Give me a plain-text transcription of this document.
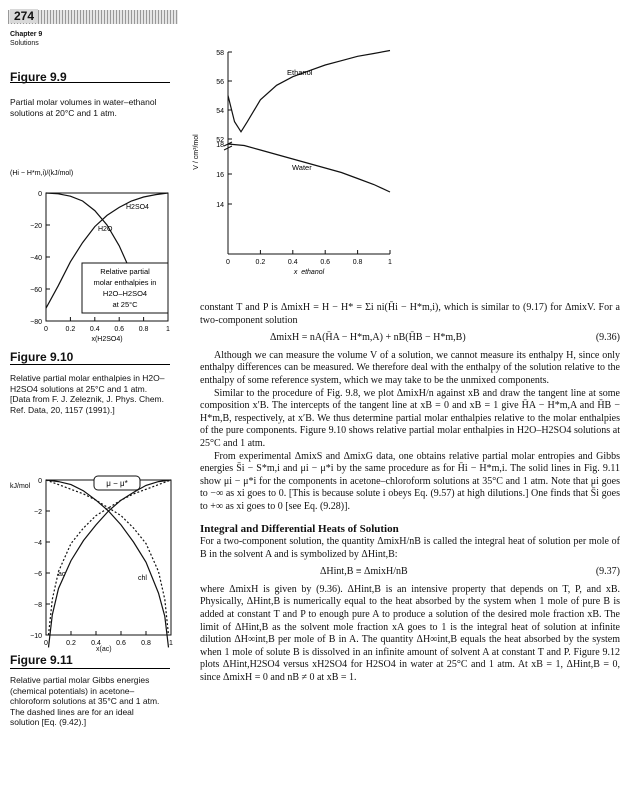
274
Chapter 9
Solutions
Figure 9.9
Partial molar volumes in water–ethanol solutions at 20°C and 1 atm.
58
56
54
52
18
16
14
0	0.2	0.4	0.6	0.8	1
x_ethanol
V / cm³/mol
Ethanol
Water
0
−20
−40
−60
−80
0	0.2 0.4 0.6 0.8	1
x(H2SO4)
(Hi − H*m,i)/(kJ/mol)
H2SO4
H2O
Relative partial
molar enthalpies in
H2O–H2SO4
at 25°C
Figure 9.10
Relative partial molar enthalpies in H2O–H2SO4 solutions at 25°C and 1 atm. [Data from F. J. Zeleznik, J. Phys. Chem. Ref. Data, 20, 1157 (1991).]
0
−2
−4
−6
−8
−10
kJ/mol	μ − μ*
ac
chl
0	0.2 0.4 0.6 0.8	1
Figure 9.11
Relative partial molar Gibbs energies (chemical potentials) in acetone–chloroform solutions at 35°C and 1 atm. The dashed lines are for an ideal solution [Eq. (9.42).]

constant T and P is ΔmixH = H − H* = Σi ni(H̄i − H*m,i), which is similar to (9.17) for ΔmixV. For a two-component solution

ΔmixH = nA(H̄A − H*m,A) + nB(H̄B − H*m,B)	(9.36)

Although we can measure the volume V of a solution, we cannot measure its enthalpy H, since only enthalpy differences can be measured. We therefore deal with the enthalpy of the solution relative to the enthalpy of some reference system, which we may take to be the unmixed components.

Similar to the procedure of Fig. 9.8, we plot ΔmixH/n against xB and draw the tangent line at some composition x′B. The intercepts of the tangent line at xB = 0 and xB = 1 give H̄A − H*m,A and H̄B − H*m,B, respectively, at x′B. We thus determine partial molar enthalpies relative to the molar enthalpies of the pure components. Figure 9.10 shows relative partial molar enthalpies in H2O–H2SO4 solutions at 25°C and 1 atm.

From experimental ΔmixS and ΔmixG data, one obtains relative partial molar entropies and Gibbs energies S̄i − S*m,i and μi − μ*i by the same procedure as for H̄i − H*m,i. The solid lines in Fig. 9.11 show μi − μ*i for the components in acetone–chloroform solutions at 35°C and 1 atm. Note that μi goes to −∞ as xi goes to 0. [This is because solute i obeys Eq. (9.57) at high dilutions.] One finds that S̄i goes to +∞ as xi goes to 0 [see Eq. (9.28)].

Integral and Differential Heats of Solution

For a two-component solution, the quantity ΔmixH/nB is called the integral heat of solution per mole of B in the solvent A and is symbolized by ΔHint,B:

ΔHint,B ≡ ΔmixH/nB	(9.37)

where ΔmixH is given by (9.36). ΔHint,B is an intensive property that depends on T, P, and xB. Physically, ΔHint,B is numerically equal to the heat absorbed by the system when 1 mole of pure B is added at constant T and P to enough pure A to produce a solution of the desired mole fraction xB. The limit of ΔHint,B as the solvent mole fraction xA goes to 1 is the integral heat of solution at infinite dilution ΔH∞int,B per mole of B in A. The quantity ΔH∞int,B equals the heat absorbed by the system when 1 mole of solute B is dissolved in an infinite amount of solvent A at constant T and P. Figure 9.12 plots ΔHint,H2SO4 versus xH2SO4 for H2SO4 in water at 25°C and 1 atm. At xB = 1, ΔHint,B = 0, since ΔmixH = 0 and nB ≠ 0 at xB = 1.

x(ac)
